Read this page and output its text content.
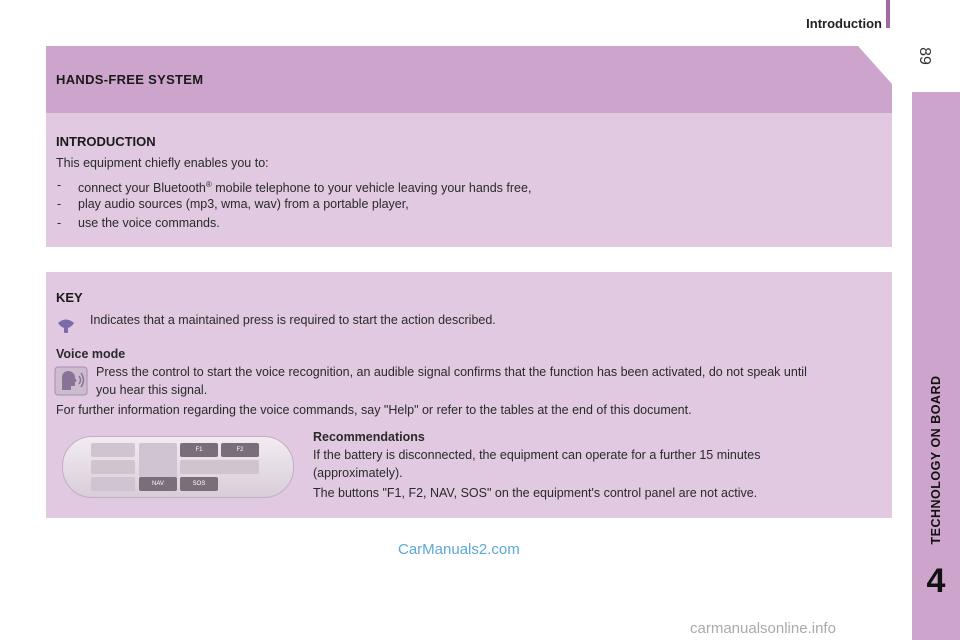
Introduction
89
TECHNOLOGY ON BOARD
4
HANDS-FREE SYSTEM
INTRODUCTION
This equipment chiefly enables you to:
- connect your Bluetooth® mobile telephone to your vehicle leaving your hands free,
- play audio sources (mp3, wma, wav) from a portable player,
- use the voice commands.
KEY
Indicates that a maintained press is required to start the action described.
Voice mode
Press the control to start the voice recognition, an audible signal confirms that the function has been activated, do not speak until
you hear this signal.
For further information regarding the voice commands, say "Help" or refer to the tables at the end of this document.
F1	F2
NAV	SOS
Recommendations
If the battery is disconnected, the equipment can operate for a further 15 minutes
(approximately).
The buttons "F1, F2, NAV, SOS" on the equipment's control panel are not active.
CarManuals2.com
carmanualsonline.info
